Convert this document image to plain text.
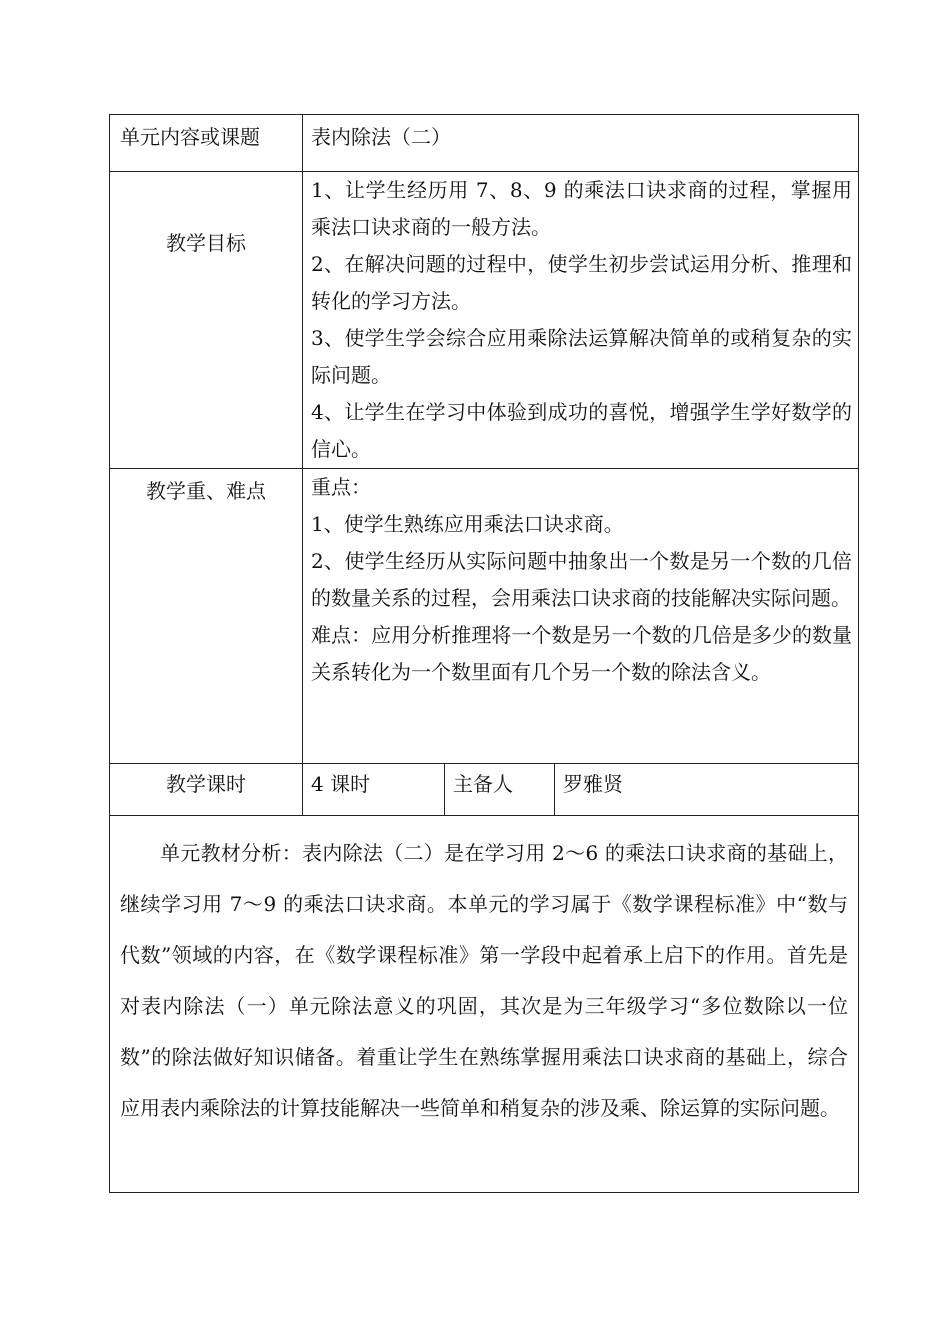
单元内容或课题	表内除法（二）		

教学目标	1、让学生经历用 7、8、9 的乘法口诀求商的过程，掌握用乘法口诀求商的一般方法。

2、在解决问题的过程中，使学生初步尝试运用分析、推理和转化的学习方法。

3、使学生学会综合应用乘除法运算解决简单的或稍复杂的实际问题。

4、让学生在学习中体验到成功的喜悦，增强学生学好数学的信心。		

教学重、难点	重点：

1、使学生熟练应用乘法口诀求商。

2、使学生经历从实际问题中抽象出一个数是另一个数的几倍的数量关系的过程，会用乘法口诀求商的技能解决实际问题。

难点：应用分析推理将一个数是另一个数的几倍是多少的数量关系转化为一个数里面有几个另一个数的除法含义。		

教学课时	4 课时	主备人	罗雅贤

单元教材分析：表内除法（二）是在学习用 2～6 的乘法口诀求商的基础上，继续学习用 7～9 的乘法口诀求商。本单元的学习属于《数学课程标准》中“数与代数”领域的内容，在《数学课程标准》第一学段中起着承上启下的作用。首先是对表内除法（一）单元除法意义的巩固，其次是为三年级学习“多位数除以一位数”的除法做好知识储备。着重让学生在熟练掌握用乘法口诀求商的基础上，综合应用表内乘除法的计算技能解决一些简单和稍复杂的涉及乘、除运算的实际问题。			
